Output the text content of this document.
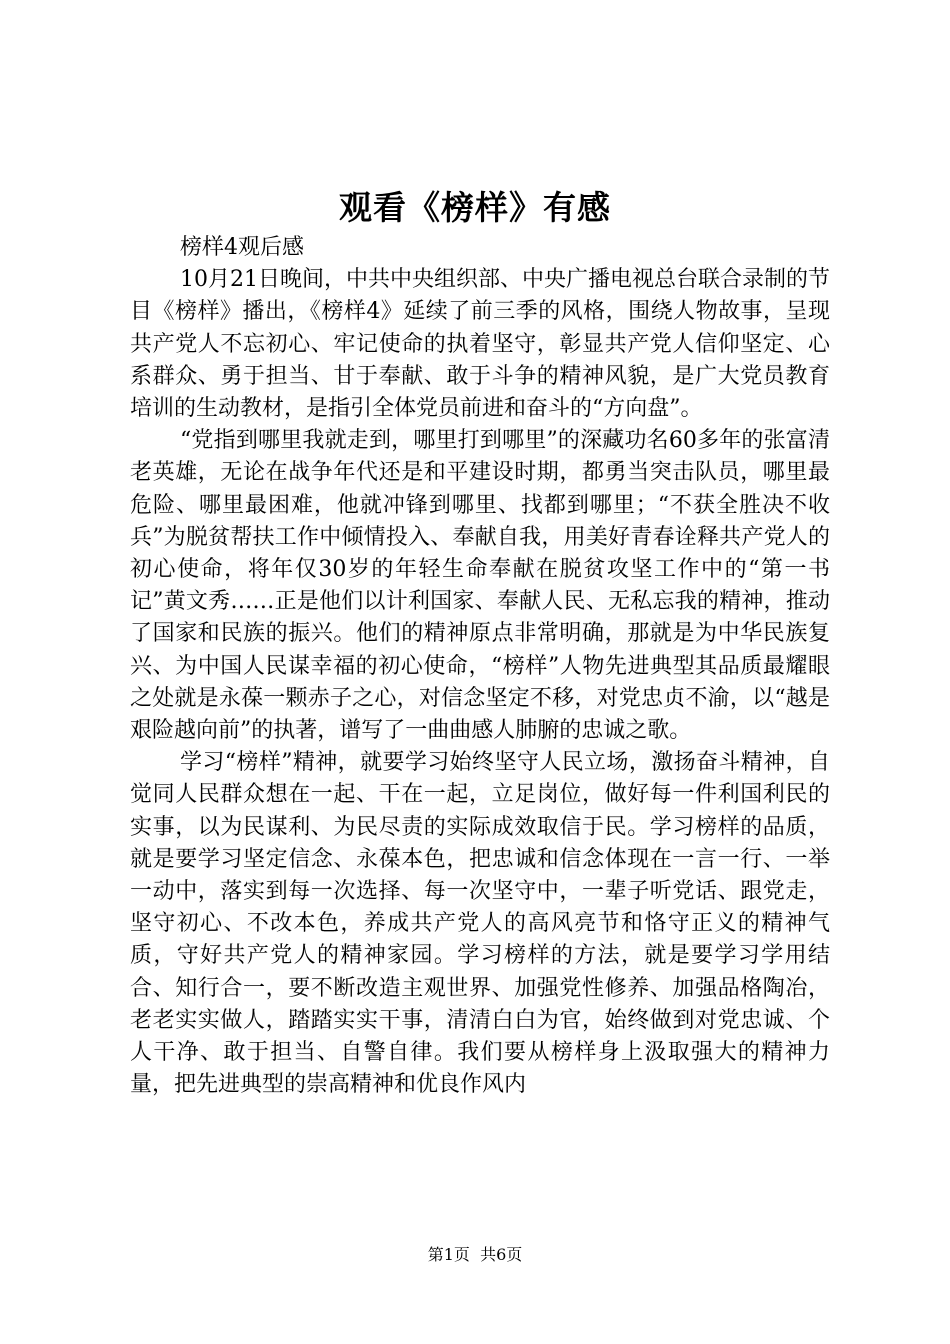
观看《榜样》有感

榜样4观后感

10月21日晚间，中共中央组织部、中央广播电视总台联合录制的节目《榜样》播出，《榜样4》延续了前三季的风格，围绕人物故事，呈现共产党人不忘初心、牢记使命的执着坚守，彰显共产党人信仰坚定、心系群众、勇于担当、甘于奉献、敢于斗争的精神风貌，是广大党员教育培训的生动教材，是指引全体党员前进和奋斗的“方向盘”。

“党指到哪里我就走到，哪里打到哪里”的深藏功名60多年的张富清老英雄，无论在战争年代还是和平建设时期，都勇当突击队员，哪里最危险、哪里最困难，他就冲锋到哪里、找都到哪里；“不获全胜决不收兵”为脱贫帮扶工作中倾情投入、奉献自我，用美好青春诠释共产党人的初心使命，将年仅30岁的年轻生命奉献在脱贫攻坚工作中的“第一书记”黄文秀……正是他们以计利国家、奉献人民、无私忘我的精神，推动了国家和民族的振兴。他们的精神原点非常明确，那就是为中华民族复兴、为中国人民谋幸福的初心使命，“榜样”人物先进典型其品质最耀眼之处就是永葆一颗赤子之心，对信念坚定不移，对党忠贞不渝，以“越是艰险越向前”的执著，谱写了一曲曲感人肺腑的忠诚之歌。

学习“榜样”精神，就要学习始终坚守人民立场，激扬奋斗精神，自觉同人民群众想在一起、干在一起，立足岗位，做好每一件利国利民的实事，以为民谋利、为民尽责的实际成效取信于民。学习榜样的品质，就是要学习坚定信念、永葆本色，把忠诚和信念体现在一言一行、一举一动中，落实到每一次选择、每一次坚守中，一辈子听党话、跟党走，坚守初心、不改本色，养成共产党人的高风亮节和恪守正义的精神气质，守好共产党人的精神家园。学习榜样的方法，就是要学习学用结合、知行合一，要不断改造主观世界、加强党性修养、加强品格陶冶，老老实实做人，踏踏实实干事，清清白白为官，始终做到对党忠诚、个人干净、敢于担当、自警自律。我们要从榜样身上汲取强大的精神力量，把先进典型的崇高精神和优良作风内

第1页 共6页
